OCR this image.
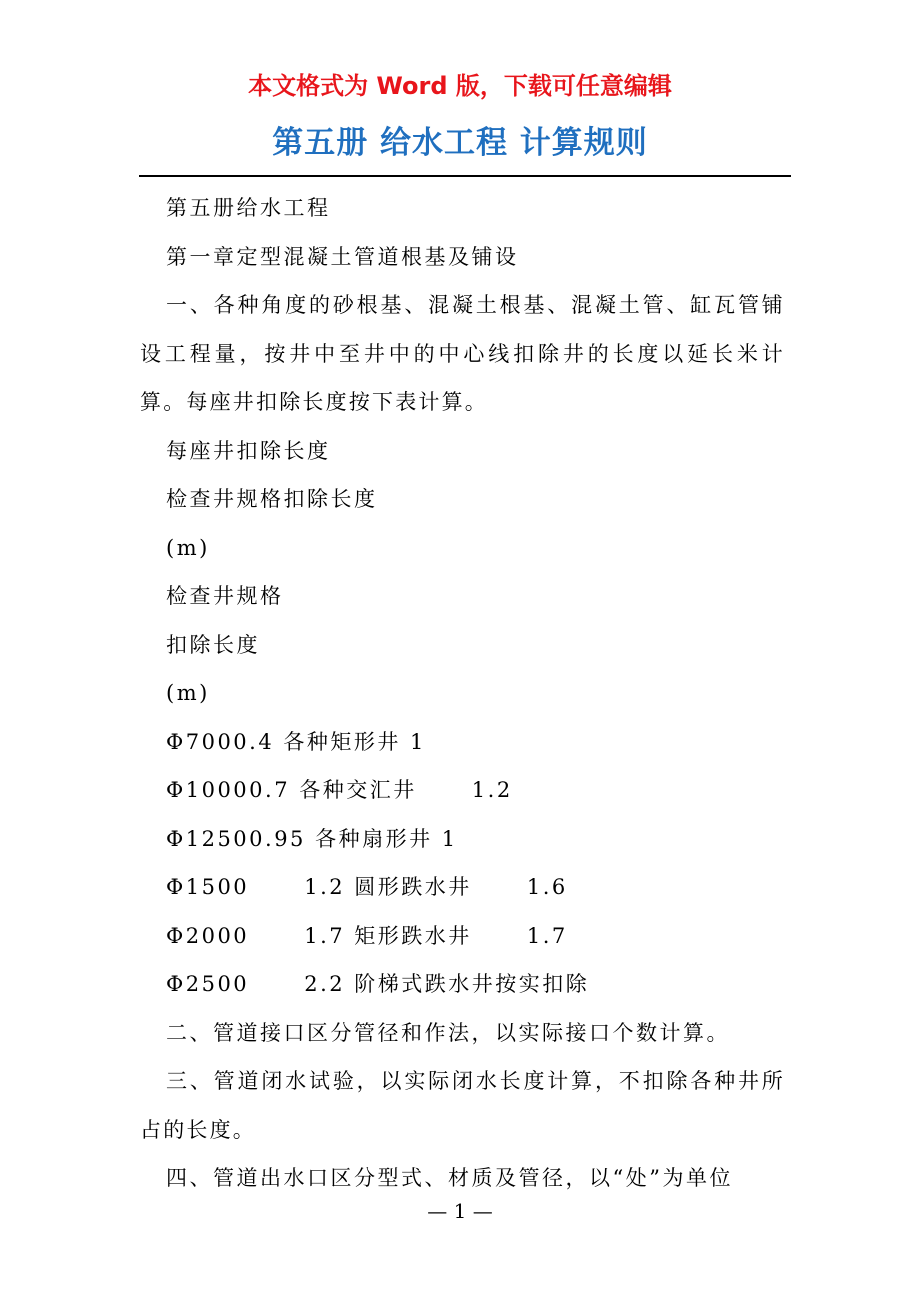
本文格式为 Word 版，下载可任意编辑
第五册 给水工程 计算规则

第五册给水工程

第一章定型混凝土管道根基及铺设

一、各种角度的砂根基、混凝土根基、混凝土管、缸瓦管铺设工程量，按井中至井中的中心线扣除井的长度以延长米计算。每座井扣除长度按下表计算。

每座井扣除长度

检查井规格扣除长度

(m)

检查井规格

扣除长度

(m)

Φ7000.4 各种矩形井 1

Φ10000.7 各种交汇井      1.2

Φ12500.95 各种扇形井 1

Φ1500      1.2 圆形跌水井      1.6

Φ2000      1.7 矩形跌水井      1.7

Φ2500      2.2 阶梯式跌水井按实扣除

二、管道接口区分管径和作法，以实际接口个数计算。

三、管道闭水试验，以实际闭水长度计算，不扣除各种井所占的长度。

四、管道出水口区分型式、材质及管径，以“处”为单位

— 1 —
